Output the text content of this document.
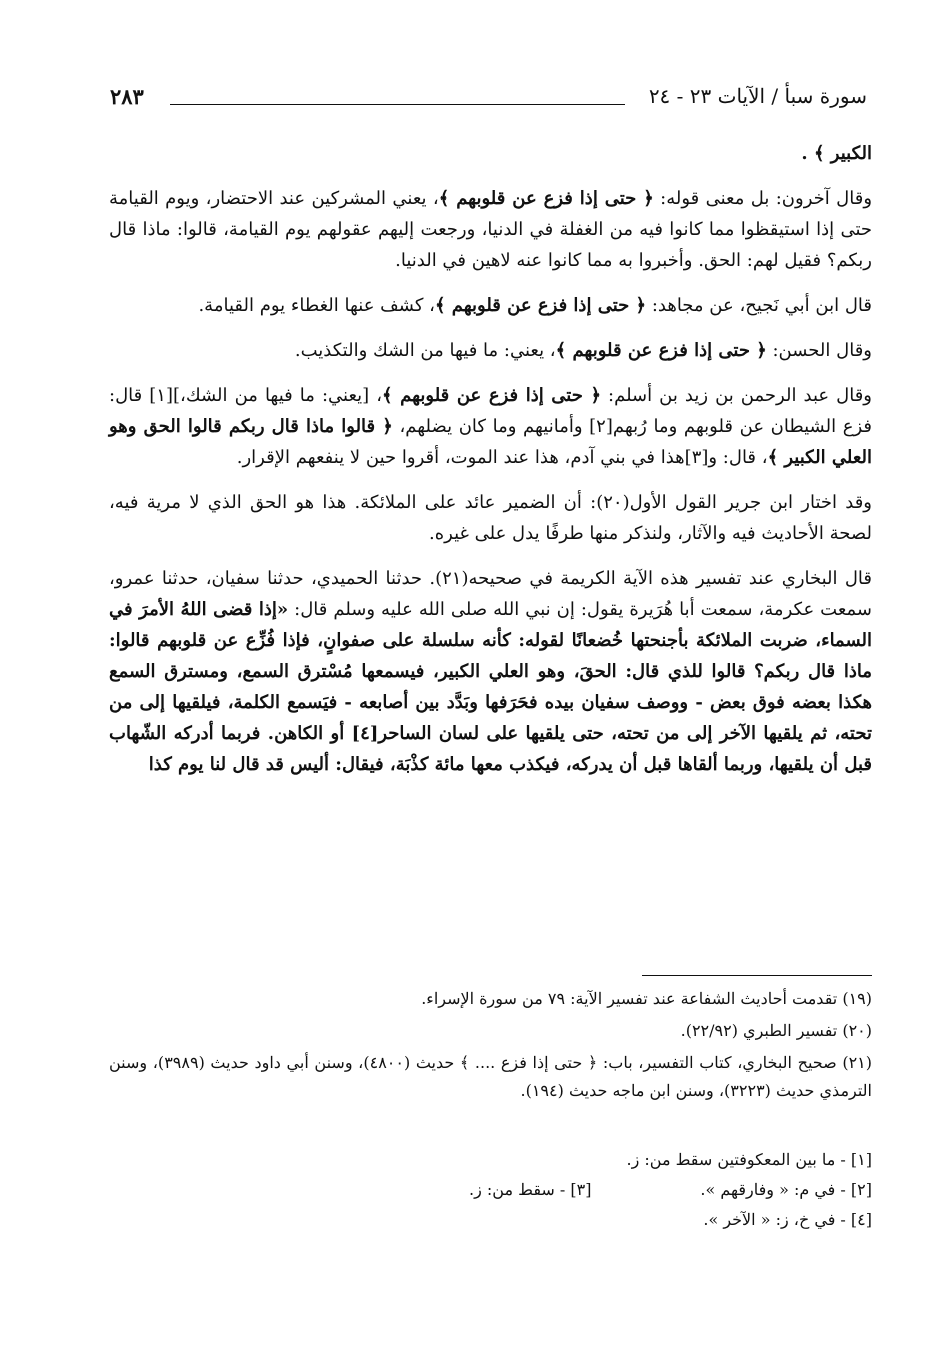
سورة سبأ / الآيات ٢٣ - ٢٤
٢٨٣

الكبير ﴾ .

وقال آخرون: بل معنى قوله: ﴿ حتى إذا فزع عن قلوبهم ﴾، يعني المشركين عند الاحتضار، ويوم القيامة حتى إذا استيقظوا مما كانوا فيه من الغفلة في الدنيا، ورجعت إليهم عقولهم يوم القيامة، قالوا: ماذا قال ربكم؟ فقيل لهم: الحق. وأخبروا به مما كانوا عنه لاهين في الدنيا.

قال ابن أبي نَجيح، عن مجاهد: ﴿ حتى إذا فزع عن قلوبهم ﴾، كشف عنها الغطاء يوم القيامة.

وقال الحسن: ﴿ حتى إذا فزع عن قلوبهم ﴾، يعني: ما فيها من الشك والتكذيب.

وقال عبد الرحمن بن زيد بن أسلم: ﴿ حتى إذا فزع عن قلوبهم ﴾، [يعني: ما فيها من الشك،][١] قال: فزع الشيطان عن قلوبهم وما رُبهم[٢] وأمانيهم وما كان يضلهم، ﴿ قالوا ماذا قال ربكم قالوا الحق وهو العلي الكبير ﴾، قال: و[٣]هذا في بني آدم، هذا عند الموت، أقروا حين لا ينفعهم الإقرار.

وقد اختار ابن جرير القول الأول(٢٠): أن الضمير عائد على الملائكة. هذا هو الحق الذي لا مرية فيه، لصحة الأحاديث فيه والآثار، ولنذكر منها طرفًا يدل على غيره.

قال البخاري عند تفسير هذه الآية الكريمة في صحيحه(٢١). حدثنا الحميدي، حدثنا سفيان، حدثنا عمرو، سمعت عكرمة، سمعت أبا هُرَيرة يقول: إن نبي الله صلى الله عليه وسلم قال: «إذا قضى اللهُ الأمرَ في السماء، ضربت الملائكة بأجنحتها خُضعانًا لقوله: كأنه سلسلة على صفوانٍ، فإذا فُزِّع عن قلوبهم قالوا: ماذا قال ربكم؟ قالوا للذي قال: الحقَ، وهو العلي الكبير، فيسمعها مُسْترق السمع، ومسترق السمع هكذا بعضه فوق بعض - ووصف سفيان بيده فحَرَفها وبَدَّد بين أصابعه - فيَسمع الكلمة، فيلقيها إلى من تحته، ثم يلقيها الآخر إلى من تحته، حتى يلقيها على لسان الساحر[٤] أو الكاهن. فربما أدركه الشّهاب قبل أن يلقيها، وربما ألقاها قبل أن يدركه، فيكذب معها مائة كذْبَة، فيقال: أليس قد قال لنا يوم كذا

(١٩) تقدمت أحاديث الشفاعة عند تفسير الآية: ٧٩ من سورة الإسراء.

(٢٠) تفسير الطبري (٢٢/٩٢).

(٢١) صحيح البخاري، كتاب التفسير، باب: ﴿ حتى إذا فزع .... ﴾ حديث (٤٨٠٠)، وسنن أبي داود حديث (٣٩٨٩)، وسنن الترمذي حديث (٣٢٢٣)، وسنن ابن ماجه حديث (١٩٤).

[١] - ما بين المعكوفتين سقط من: ز.
[٢] - في م: « وفارقهم ».
[٣] - سقط من: ز.
[٤] - في خ، ز: « الآخر ».
